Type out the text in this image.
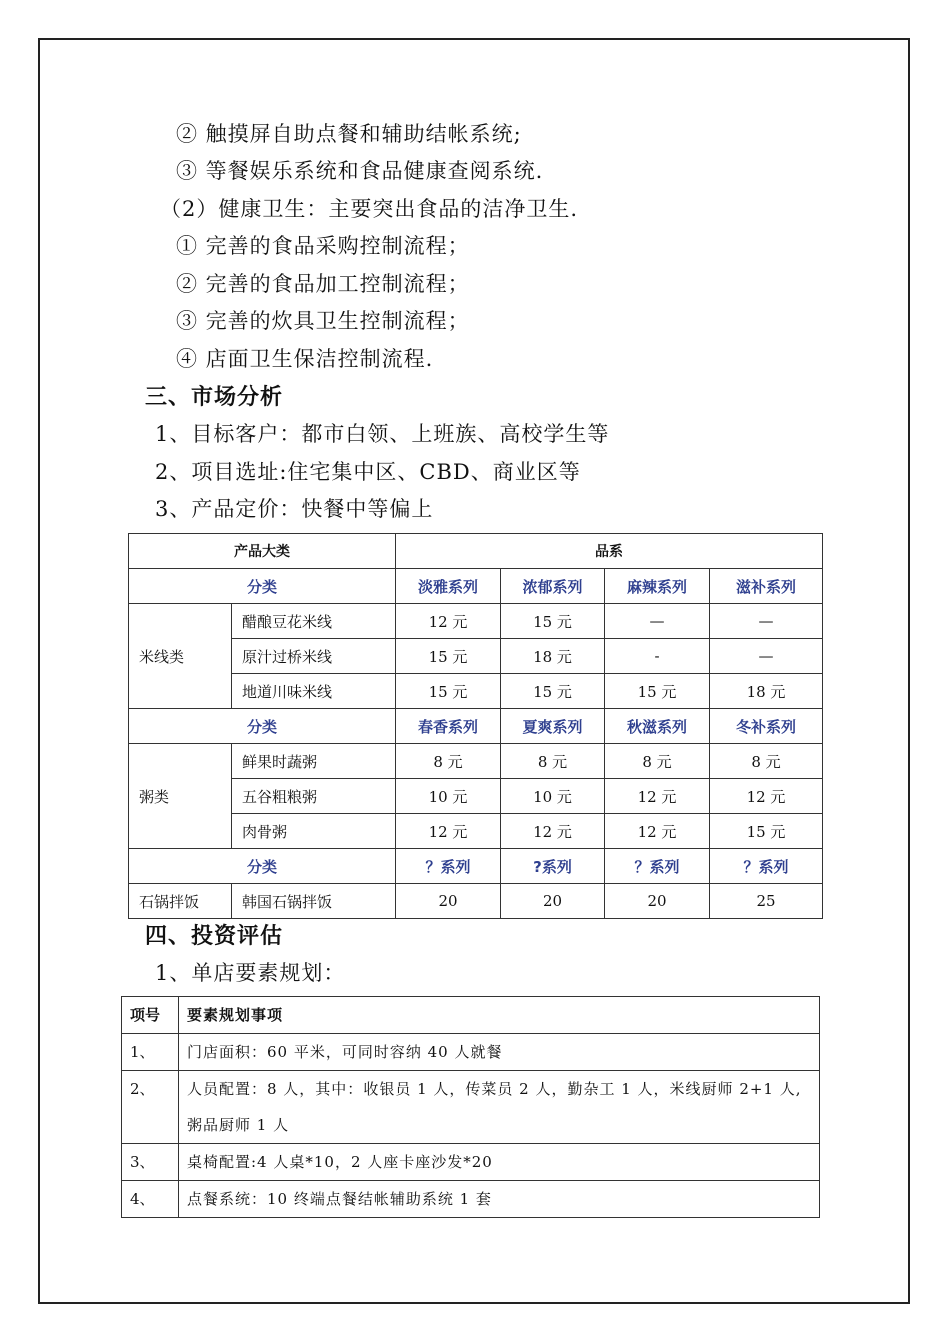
② 触摸屏自助点餐和辅助结帐系统;
③ 等餐娱乐系统和食品健康查阅系统.
（2）健康卫生：主要突出食品的洁净卫生.
① 完善的食品采购控制流程；
② 完善的食品加工控制流程；
③ 完善的炊具卫生控制流程；
④ 店面卫生保洁控制流程.
三、市场分析
1、目标客户：都市白领、上班族、高校学生等
2、项目选址:住宅集中区、CBD、商业区等
3、产品定价：快餐中等偏上
产品大类		品系			
分类		淡雅系列	浓郁系列	麻辣系列	滋补系列
米线类	醋酿豆花米线	12 元	15 元	—	—
	原汁过桥米线	15 元	18 元	-	—
	地道川味米线	15 元	15 元	15 元	18 元
分类		春香系列	夏爽系列	秋滋系列	冬补系列
粥类	鲜果时蔬粥	8 元	8 元	8 元	8 元
	五谷粗粮粥	10 元	10 元	12 元	12 元
	肉骨粥	12 元	12 元	12 元	15 元
分类		？系列	?系列	？系列	？系列
石锅拌饭	韩国石锅拌饭	20	20	20	25
四、投资评估
1、单店要素规划：
项号	要素规划事项
1、	门店面积：60 平米，可同时容纳 40 人就餐
2、	人员配置：8 人，其中：收银员 1 人，传菜员 2 人，勤杂工 1 人，米线厨师 2+1 人,粥品厨师 1 人
3、	桌椅配置:4 人桌*10，2 人座卡座沙发*20
4、	点餐系统：10 终端点餐结帐辅助系统 1 套
